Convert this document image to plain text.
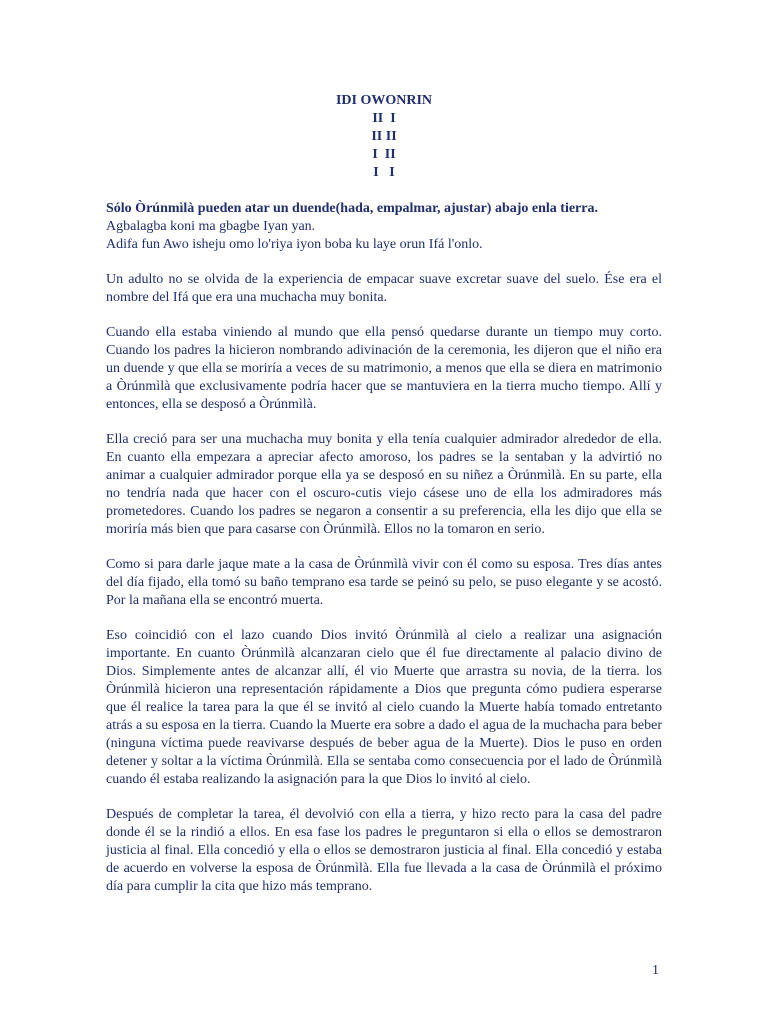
IDI OWONRIN
II  I
II II
I  II
I   I

Sólo Òrúnmìlà pueden atar un duende(hada, empalmar, ajustar) abajo enla tierra.

Agbalagba koni ma gbagbe Iyan yan.

Adifa fun Awo isheju omo lo'riya iyon boba ku laye orun Ifá l'onlo.

Un adulto no se olvida de la experiencia de empacar suave excretar suave del suelo. Ése era el nombre del Ifá que era una muchacha muy bonita.

Cuando ella estaba viniendo al mundo que ella pensó quedarse durante un tiempo muy corto. Cuando los padres la hicieron nombrando adivinación de la ceremonia, les dijeron que el niño era un duende y que ella se moriría a veces de su matrimonio, a menos que ella se diera en matrimonio a Òrúnmìlà que exclusivamente podría hacer que se mantuviera en la tierra mucho tiempo. Allí y entonces, ella se desposó a Òrúnmìlà.

Ella creció para ser una muchacha muy bonita y ella tenía cualquier admirador alrededor de ella. En cuanto ella empezara a apreciar afecto amoroso, los padres se la sentaban y la advirtió no animar a cualquier admirador porque ella ya se desposó en su niñez a Òrúnmìlà. En su parte, ella no tendría nada que hacer con el oscuro-cutis viejo cásese uno de ella los admiradores más prometedores. Cuando los padres se negaron a consentir a su preferencia, ella les dijo que ella se moriría más bien que para casarse con Òrúnmìlà. Ellos no la tomaron en serio.

Como si para darle jaque mate a la casa de Òrúnmìlà vivir con él como su esposa. Tres días antes del día fijado, ella tomó su baño temprano esa tarde se peinó su pelo, se puso elegante y se acostó. Por la mañana ella se encontró muerta.

Eso coincidió con el lazo cuando Dios invitó Òrúnmìlà al cielo a realizar una asignación importante. En cuanto Òrúnmìlà alcanzaran cielo que él fue directamente al palacio divino de Dios. Simplemente antes de alcanzar allí, él vio Muerte que arrastra su novia, de la tierra. los Òrúnmìlà hicieron una representación rápidamente a Dios que pregunta cómo pudiera esperarse que él realice la tarea para la que él se invitó al cielo cuando la Muerte había tomado entretanto atrás a su esposa en la tierra. Cuando la Muerte era sobre a dado el agua de la muchacha para beber (ninguna víctima puede reavivarse después de beber agua de la Muerte). Dios le puso en orden detener y soltar a la víctima Òrúnmìlà. Ella se sentaba como consecuencia por el lado de Òrúnmìlà cuando él estaba realizando la asignación para la que Dios lo invitó al cielo.

Después de completar la tarea, él devolvió con ella a tierra, y hizo recto para la casa del padre donde él se la rindió a ellos. En esa fase los padres le preguntaron si ella o ellos se demostraron justicia al final. Ella concedió y ella o ellos se demostraron justicia al final. Ella concedió y estaba de acuerdo en volverse la esposa de Òrúnmìlà. Ella fue llevada a la casa de Òrúnmìlà el próximo día para cumplir la cita que hizo más temprano.

1
